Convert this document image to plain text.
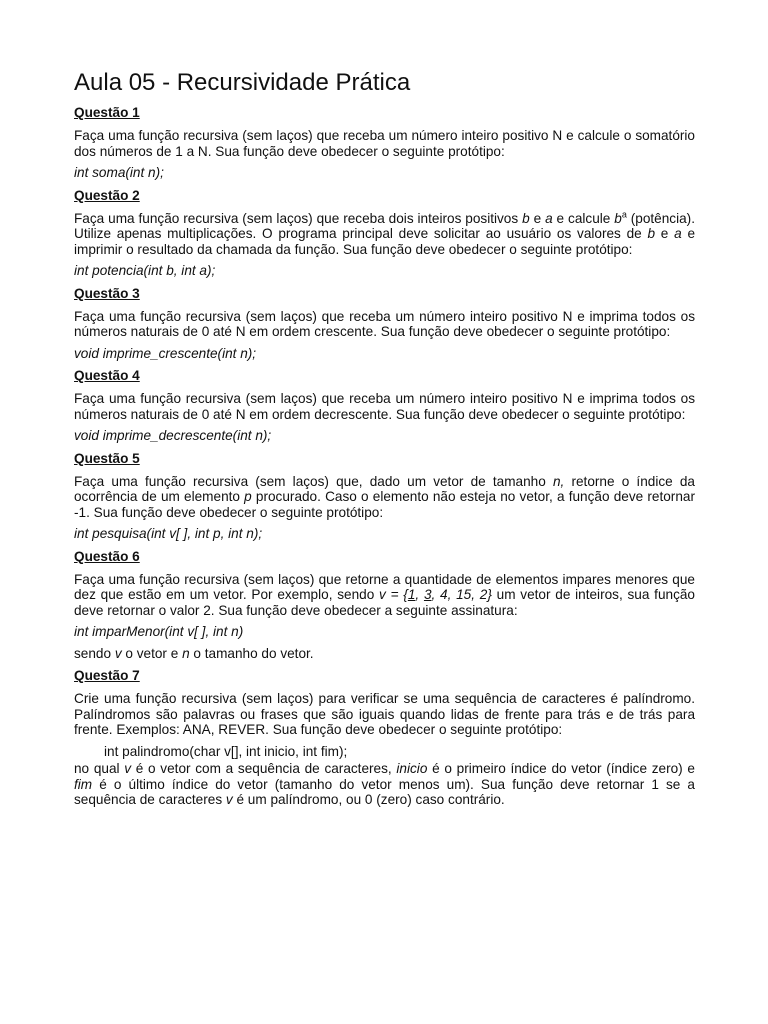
Aula 05 - Recursividade Prática
Questão 1
Faça uma função recursiva (sem laços) que receba um número inteiro positivo N e calcule o somatório dos números de 1 a N. Sua função deve obedecer o seguinte protótipo:
int soma(int n);
Questão 2
Faça uma função recursiva (sem laços) que receba dois inteiros positivos b e a e calcule $b^a$ (potência). Utilize apenas multiplicações. O programa principal deve solicitar ao usuário os valores de b e a e imprimir o resultado da chamada da função. Sua função deve obedecer o seguinte protótipo:
int potencia(int b, int a);
Questão 3
Faça uma função recursiva (sem laços) que receba um número inteiro positivo N e imprima todos os números naturais de 0 até N em ordem crescente. Sua função deve obedecer o seguinte protótipo:
void imprime_crescente(int n);
Questão 4
Faça uma função recursiva (sem laços) que receba um número inteiro positivo N e imprima todos os números naturais de 0 até N em ordem decrescente. Sua função deve obedecer o seguinte protótipo:
void imprime_decrescente(int n);
Questão 5
Faça uma função recursiva (sem laços) que, dado um vetor de tamanho n, retorne o índice da ocorrência de um elemento p procurado. Caso o elemento não esteja no vetor, a função deve retornar -1. Sua função deve obedecer o seguinte protótipo:
int pesquisa(int v[ ], int p, int n);
Questão 6
Faça uma função recursiva (sem laços) que retorne a quantidade de elementos impares menores que dez que estão em um vetor. Por exemplo, sendo v = {1, 3, 4, 15, 2} um vetor de inteiros, sua função deve retornar o valor 2. Sua função deve obedecer a seguinte assinatura:
int imparMenor(int v[ ], int n)
sendo v o vetor e n o tamanho do vetor.
Questão 7
Crie uma função recursiva (sem laços) para verificar se uma sequência de caracteres é palíndromo. Palíndromos são palavras ou frases que são iguais quando lidas de frente para trás e de trás para frente. Exemplos: ANA, REVER. Sua função deve obedecer o seguinte protótipo:
int palindromo(char v[], int inicio, int fim);
no qual v é o vetor com a sequência de caracteres, inicio é o primeiro índice do vetor (índice zero) e fim é o último índice do vetor (tamanho do vetor menos um). Sua função deve retornar 1 se a sequência de caracteres v é um palíndromo, ou 0 (zero) caso contrário.
